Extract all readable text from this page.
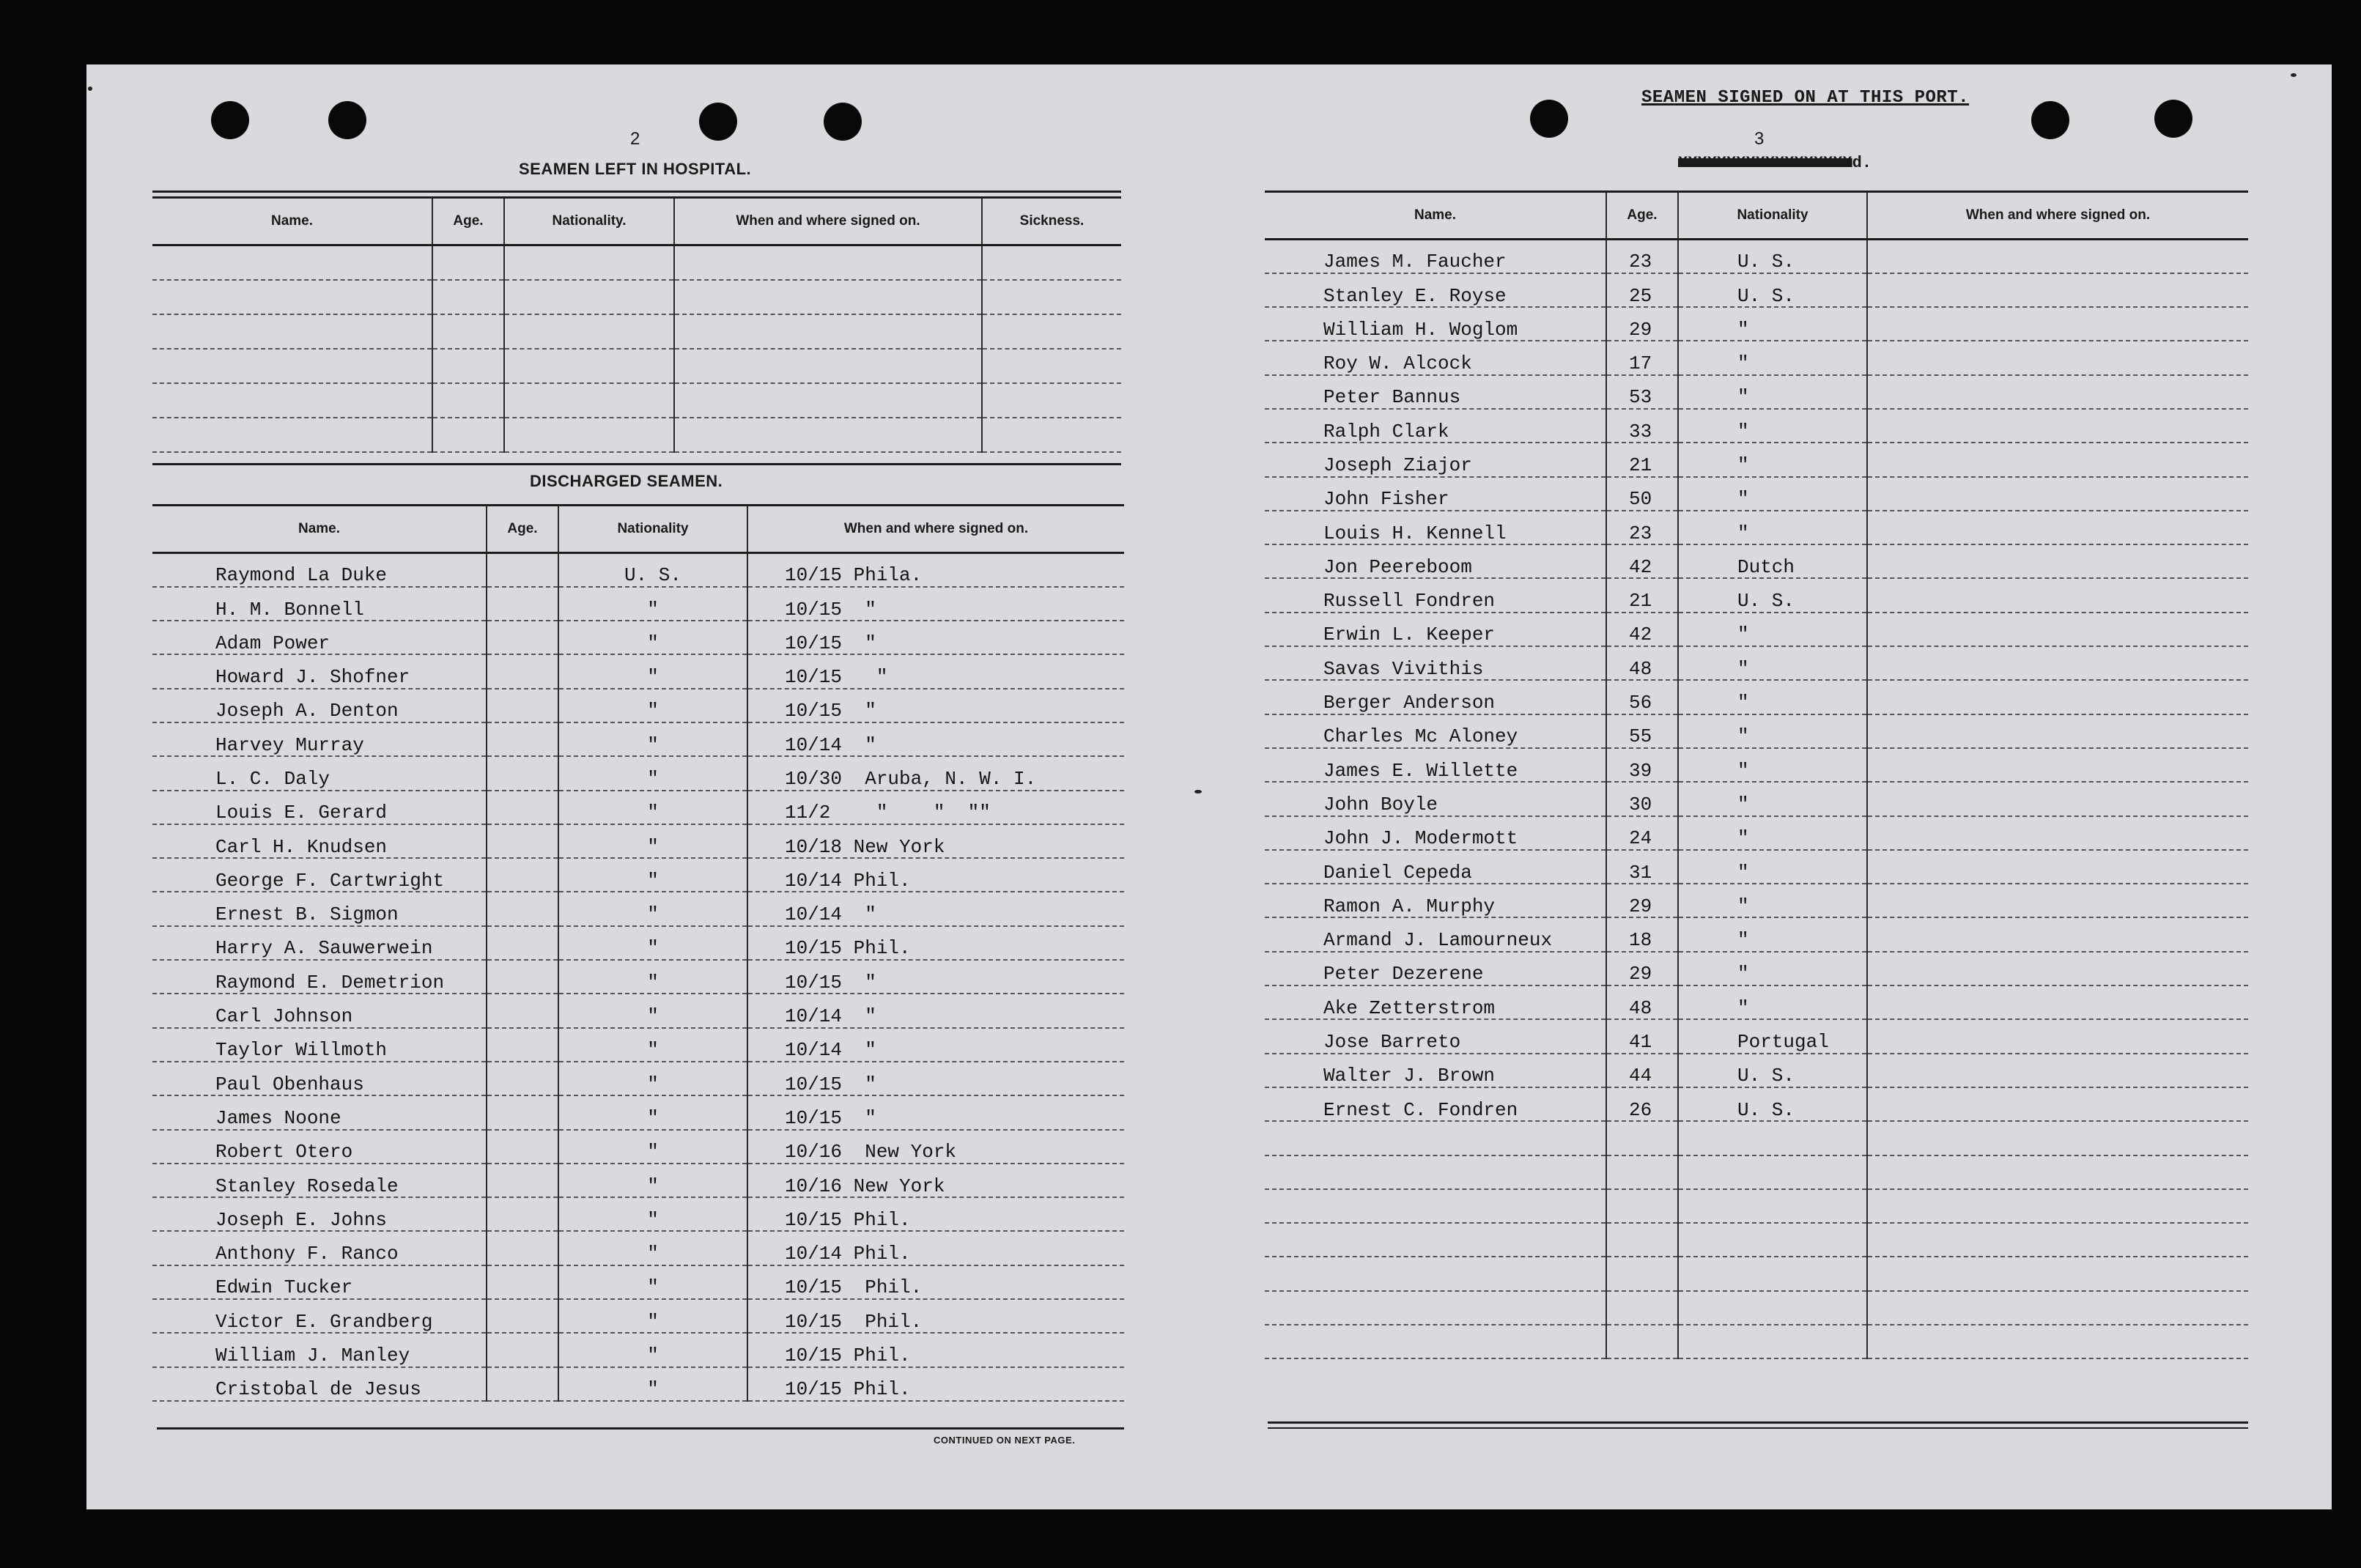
2
SEAMEN LEFT IN HOSPITAL.
Name.	Age.	Nationality.	When and where signed on.	Sickness.

DISCHARGED SEAMEN.
Name.	Age.	Nationality	When and where signed on.
Raymond La Duke		U. S.	10/15 Phila.
H. M. Bonnell		"	10/15  "
Adam Power		"	10/15  "
Howard J. Shofner		"	10/15   "
Joseph A. Denton		"	10/15  "
Harvey Murray		"	10/14  "
L. C. Daly		"	10/30  Aruba, N. W. I.
Louis E. Gerard		"	11/2    "    "  ""
Carl H. Knudsen		"	10/18 New York
George F. Cartwright		"	10/14 Phil.
Ernest B. Sigmon		"	10/14  "
Harry A. Sauwerwein		"	10/15 Phil.
Raymond E. Demetrion		"	10/15  "
Carl Johnson		"	10/14  "
Taylor Willmoth		"	10/14  "
Paul Obenhaus		"	10/15  "
James Noone		"	10/15  "
Robert Otero		"	10/16  New York
Stanley Rosedale		"	10/16 New York
Joseph E. Johns		"	10/15 Phil.
Anthony F. Ranco		"	10/14 Phil.
Edwin Tucker		"	10/15  Phil.
Victor E. Grandberg		"	10/15  Phil.
William J. Manley		"	10/15 Phil.
Cristobal de Jesus		"	10/15 Phil.
CONTINUED ON NEXT PAGE.
SEAMEN SIGNED ON AT THIS PORT.
3
XXXXXXXXXXXXXXXXXXd.
Name.	Age.	Nationality	When and where signed on.
James M. Faucher	23	U. S.	
Stanley E. Royse	25	U. S.	
William H. Woglom	29	"	
Roy W. Alcock	17	"	
Peter Bannus	53	"	
Ralph Clark	33	"	
Joseph Ziajor	21	"	
John Fisher	50	"	
Louis H. Kennell	23	"	
Jon Peereboom	42	Dutch	
Russell Fondren	21	U. S.	
Erwin L. Keeper	42	"	
Savas Vivithis	48	"	
Berger Anderson	56	"	
Charles Mc Aloney	55	"	
James E. Willette	39	"	
John Boyle	30	"	
John J. Modermott	24	"	
Daniel Cepeda	31	"	
Ramon A. Murphy	29	"	
Armand J. Lamourneux	18	"	
Peter Dezerene	29	"	
Ake Zetterstrom	48	"	
Jose Barreto	41	Portugal	
Walter J. Brown	44	U. S.	
Ernest C. Fondren	26	U. S.	
